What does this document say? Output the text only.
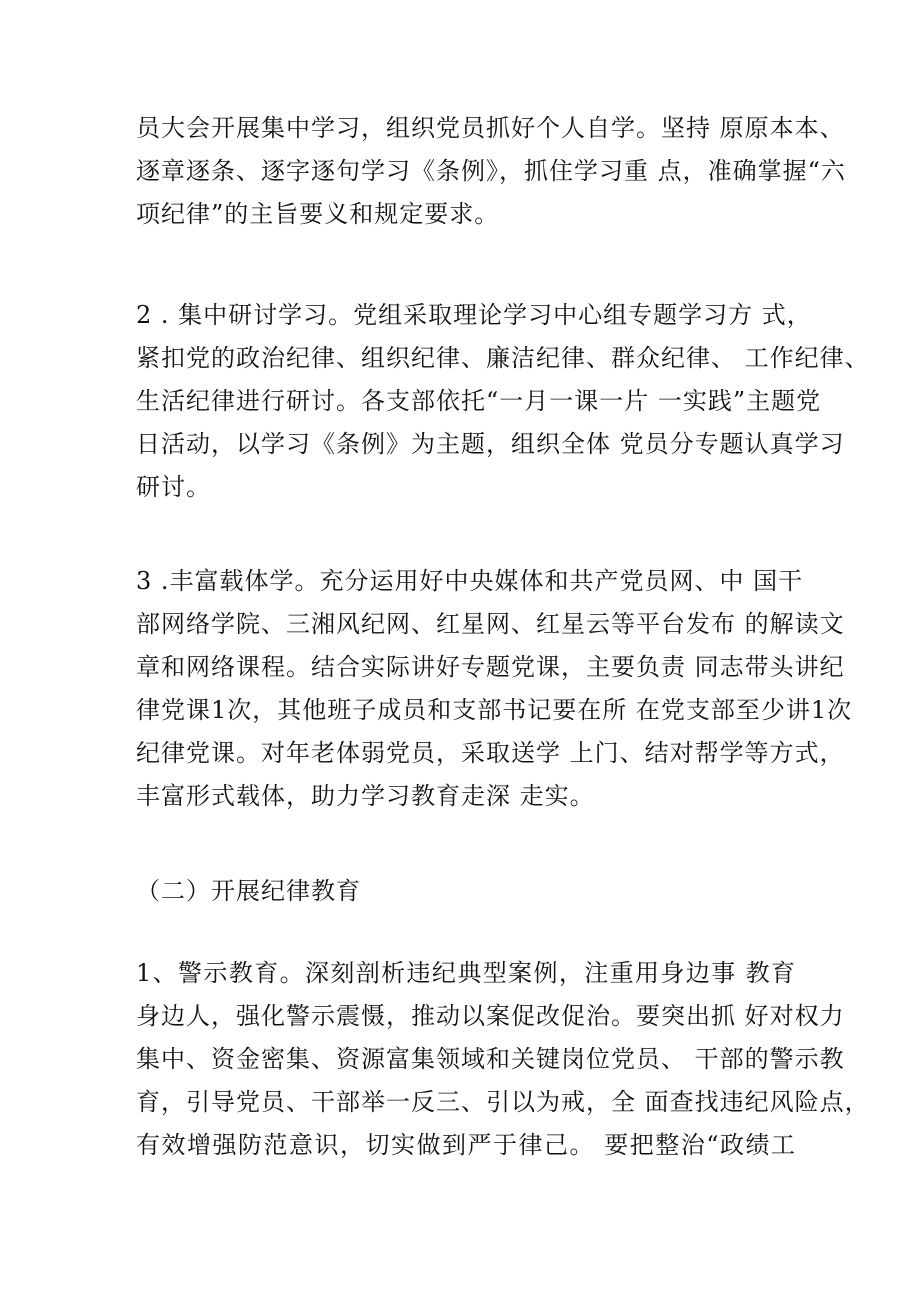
员大会开展集中学习，组织党员抓好个人自学。坚持 原原本本、
逐章逐条、逐字逐句学习《条例》，抓住学习重 点，准确掌握“六
项纪律”的主旨要义和规定要求。
2 . 集中研讨学习。党组采取理论学习中心组专题学习方 式，
紧扣党的政治纪律、组织纪律、廉洁纪律、群众纪律、 工作纪律、
生活纪律进行研讨。各支部依托“一月一课一片 一实践”主题党
日活动，以学习《条例》为主题，组织全体 党员分专题认真学习
研讨。
3 .丰富载体学。充分运用好中央媒体和共产党员网、中 国干
部网络学院、三湘风纪网、红星网、红星云等平台发布 的解读文
章和网络课程。结合实际讲好专题党课，主要负责 同志带头讲纪
律党课1次，其他班子成员和支部书记要在所 在党支部至少讲1次
纪律党课。对年老体弱党员，采取送学 上门、结对帮学等方式，
丰富形式载体，助力学习教育走深 走实。
（二）开展纪律教育
1、警示教育。深刻剖析违纪典型案例，注重用身边事 教育
身边人，强化警示震慑，推动以案促改促治。要突出抓 好对权力
集中、资金密集、资源富集领域和关键岗位党员、 干部的警示教
育，引导党员、干部举一反三、引以为戒，全 面查找违纪风险点，
有效增强防范意识，切实做到严于律己。 要把整治“政绩工
